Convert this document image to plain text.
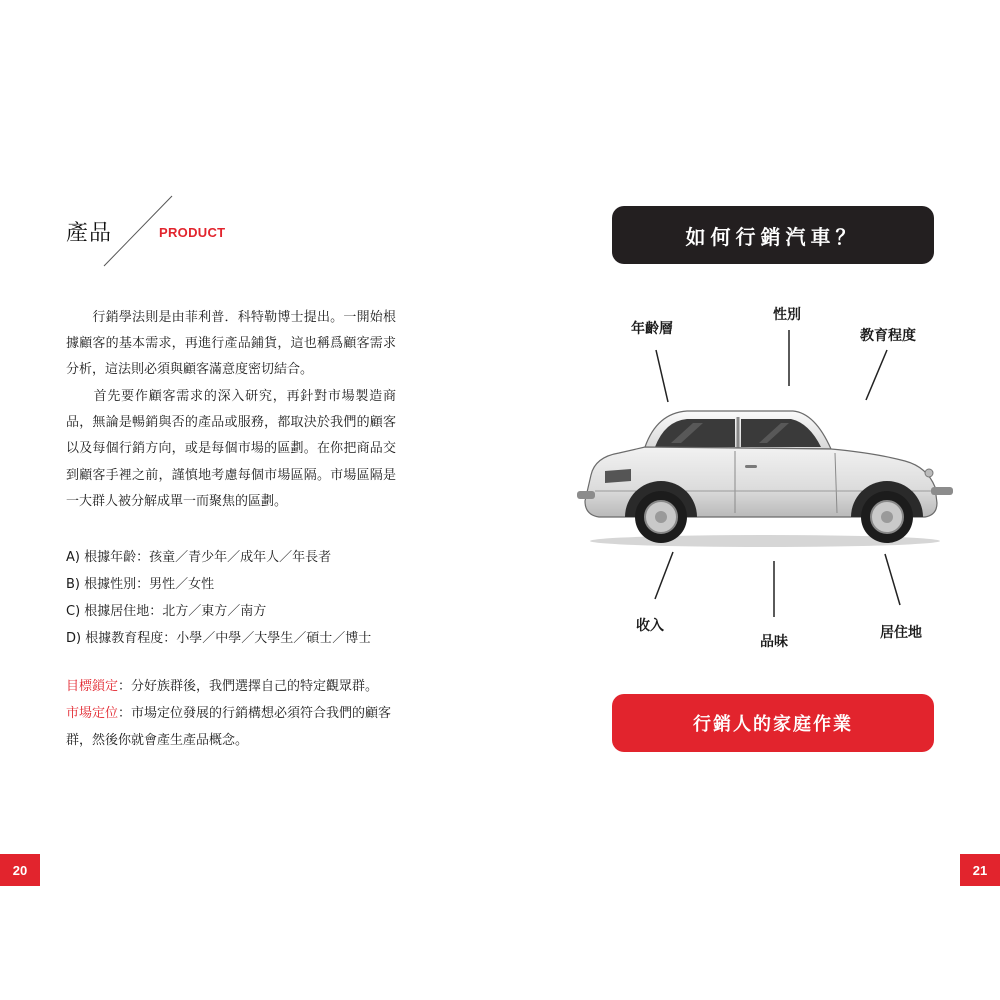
產品	PRODUCT

　　行銷學法則是由菲利普．科特勒博士提出。一開始根據顧客的基本需求，再進行產品鋪貨，這也稱爲顧客需求分析，這法則必須與顧客滿意度密切結合。

　　首先要作顧客需求的深入研究，再針對市場製造商品，無論是暢銷與否的產品或服務，都取決於我們的顧客以及每個行銷方向，或是每個市場的區劃。在你把商品交到顧客手裡之前，謹慎地考慮每個市場區隔。市場區隔是一大群人被分解成單一而聚焦的區劃。

A) 根據年齡：孩童／青少年／成年人／年長者
B) 根據性別：男性／女性
C) 根據居住地：北方／東方／南方
D) 根據教育程度：小學／中學／大學生／碩士／博士
目標鎖定：分好族群後，我們選擇自己的特定觀眾群。
市場定位：市場定位發展的行銷構想必須符合我們的顧客群，然後你就會產生產品概念。
20
如何行銷汽車？
年齡層
性別
教育程度
收入
品味
居住地
行銷人的家庭作業
21
